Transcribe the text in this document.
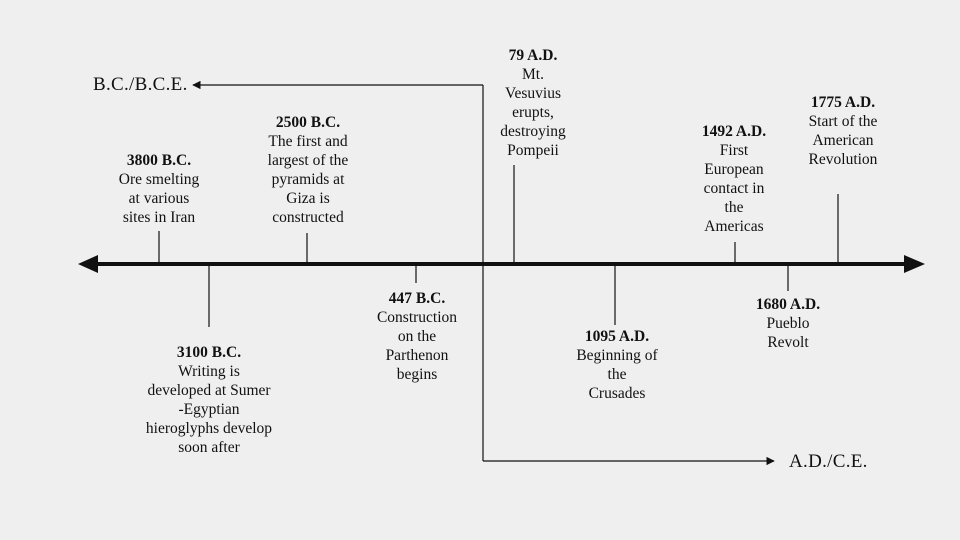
B.C./B.C.E.
A.D./C.E.
3800 B.C.
Ore smelting
at various
sites in Iran
3100 B.C.
Writing is
developed at Sumer
-Egyptian
hieroglyphs develop
soon after
2500 B.C.
The first and
largest of the
pyramids at
Giza is
constructed
447 B.C.
Construction
on the
Parthenon
begins
79 A.D.
Mt.
Vesuvius
erupts,
destroying
Pompeii
1095 A.D.
Beginning of
the
Crusades
1492 A.D.
First
European
contact in
the
Americas
1680 A.D.
Pueblo
Revolt
1775 A.D.
Start of the
American
Revolution
